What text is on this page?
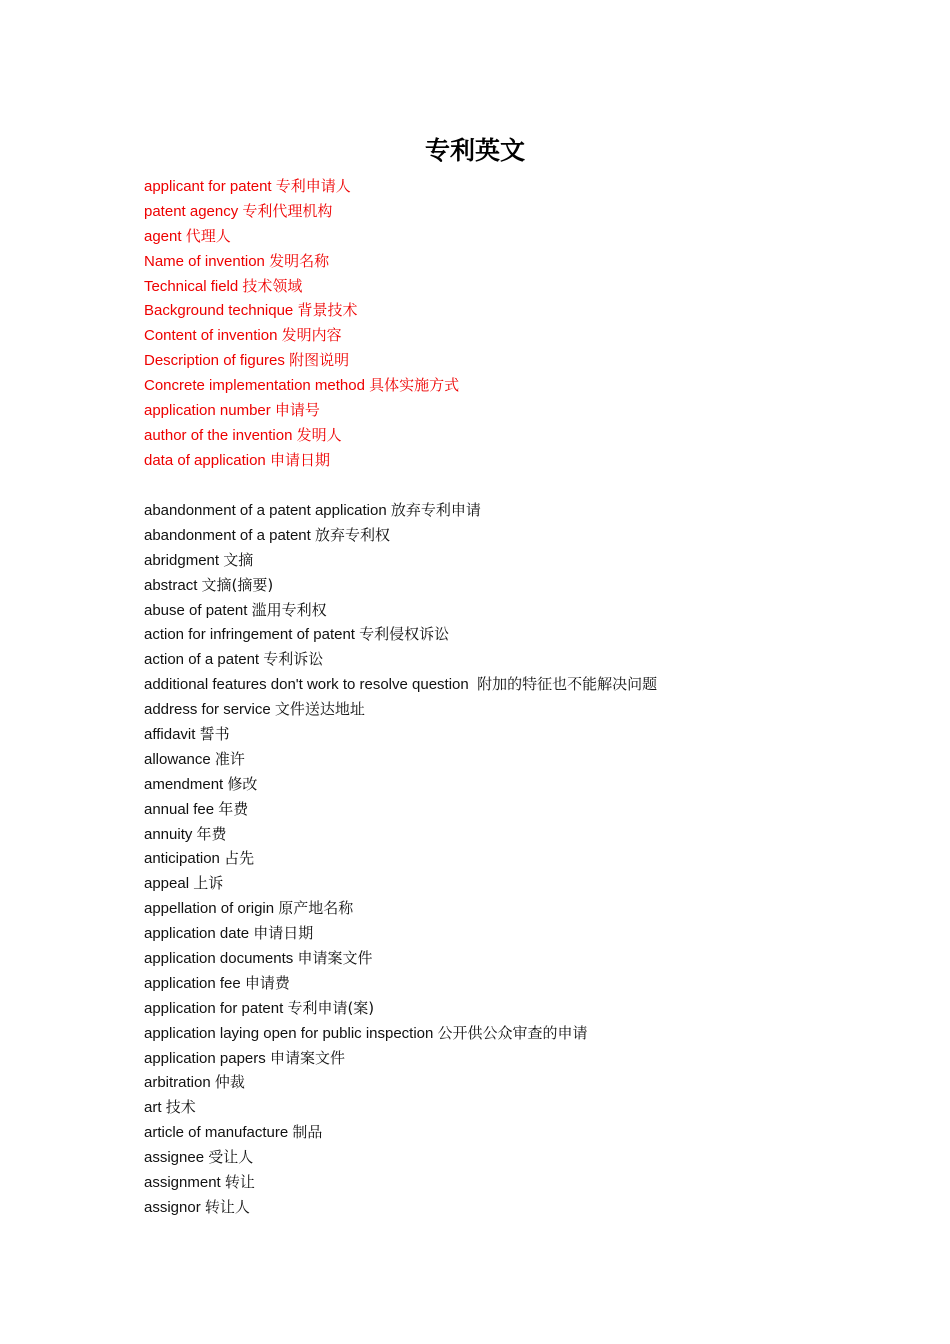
专利英文
applicant for patent 专利申请人
patent agency 专利代理机构
agent 代理人
Name of invention 发明名称
Technical field 技术领域
Background technique 背景技术
Content of invention 发明内容
Description of figures 附图说明
Concrete implementation method 具体实施方式
application number 申请号
author of the invention 发明人
data of application 申请日期
abandonment of a patent application 放弃专利申请
abandonment of a patent 放弃专利权
abridgment 文摘
abstract 文摘(摘要)
abuse of patent 滥用专利权
action for infringement of patent 专利侵权诉讼
action of a patent 专利诉讼
additional features don't work to resolve question 附加的特征也不能解决问题
address for service 文件送达地址
affidavit 誓书
allowance 准许
amendment 修改
annual fee 年费
annuity 年费
anticipation 占先
appeal 上诉
appellation of origin 原产地名称
application date 申请日期
application documents 申请案文件
application fee 申请费
application for patent 专利申请(案)
application laying open for public inspection 公开供公众审查的申请
application papers 申请案文件
arbitration 仲裁
art 技术
article of manufacture 制品
assignee 受让人
assignment 转让
assignor 转让人
